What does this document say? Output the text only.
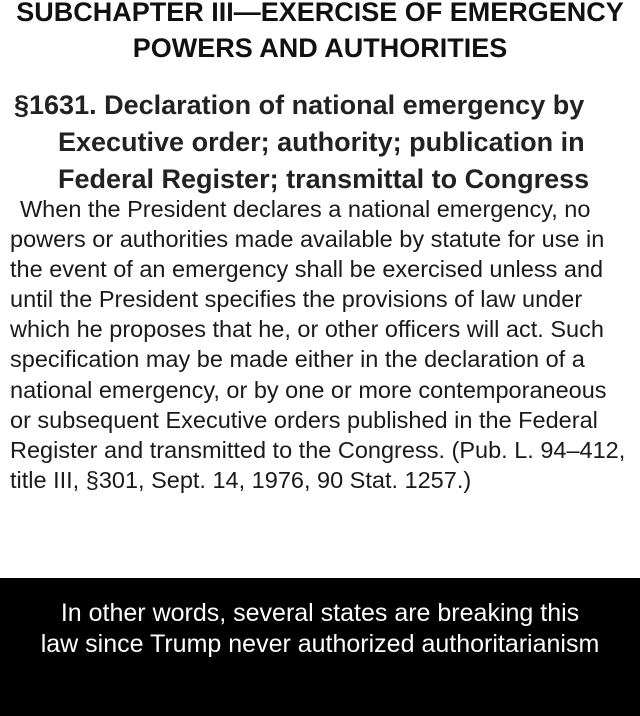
SUBCHAPTER III—EXERCISE OF EMERGENCY POWERS AND AUTHORITIES
§1631. Declaration of national emergency by Executive order; authority; publication in Federal Register; transmittal to Congress

When the President declares a national emergency, no powers or authorities made available by statute for use in the event of an emergency shall be exercised unless and until the President specifies the provisions of law under which he proposes that he, or other officers will act. Such specification may be made either in the declaration of a national emergency, or by one or more contemporaneous or subsequent Executive orders published in the Federal Register and transmitted to the Congress. (Pub. L. 94–412, title III, §301, Sept. 14, 1976, 90 Stat. 1257.)

In other words, several states are breaking this law since Trump never authorized authoritarianism
